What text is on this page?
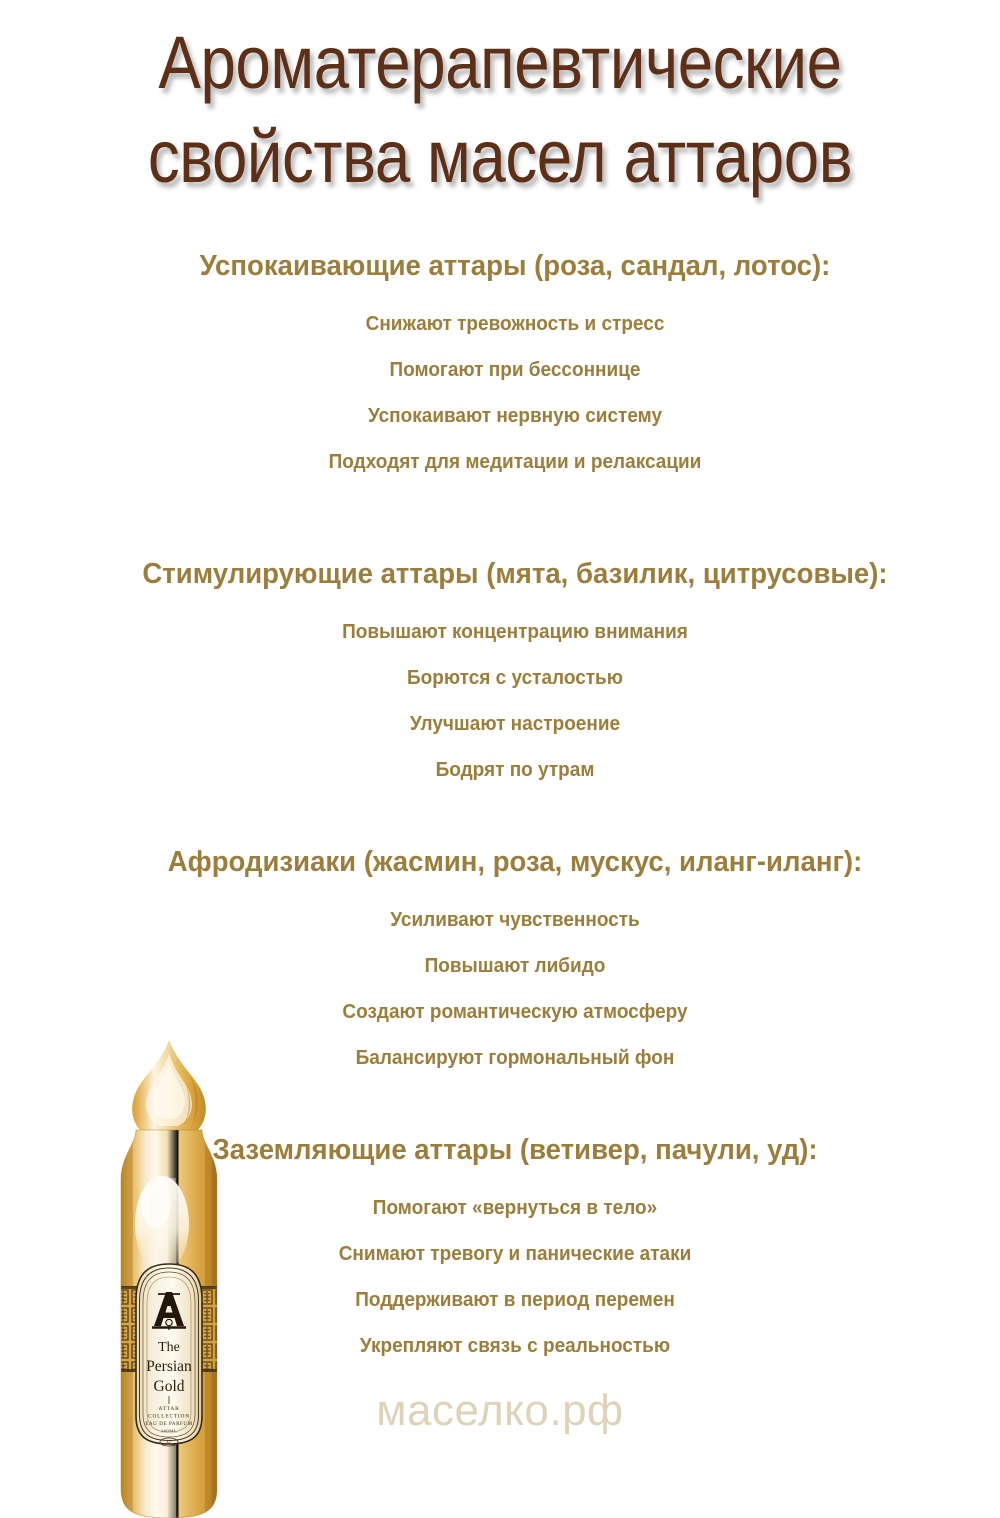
Ароматерапевтические
свойства масел аттаров
The
Persian
Gold
ATTAR
COLLECTION
EAU DE PARFUM
100ML
AC
Успокаивающие аттары (роза, сандал, лотос):
Снижают тревожность и стресс
Помогают при бессоннице
Успокаивают нервную систему
Подходят для медитации и релаксации
Стимулирующие аттары (мята, базилик, цитрусовые):
Повышают концентрацию внимания
Борются с усталостью
Улучшают настроение
Бодрят по утрам
Афродизиаки (жасмин, роза, мускус, иланг-иланг):
Усиливают чувственность
Повышают либидо
Создают романтическую атмосферу
Балансируют гормональный фон
Заземляющие аттары (ветивер, пачули, уд):
Помогают «вернуться в тело»
Снимают тревогу и панические атаки
Поддерживают в период перемен
Укрепляют связь с реальностью
маселко.рф
